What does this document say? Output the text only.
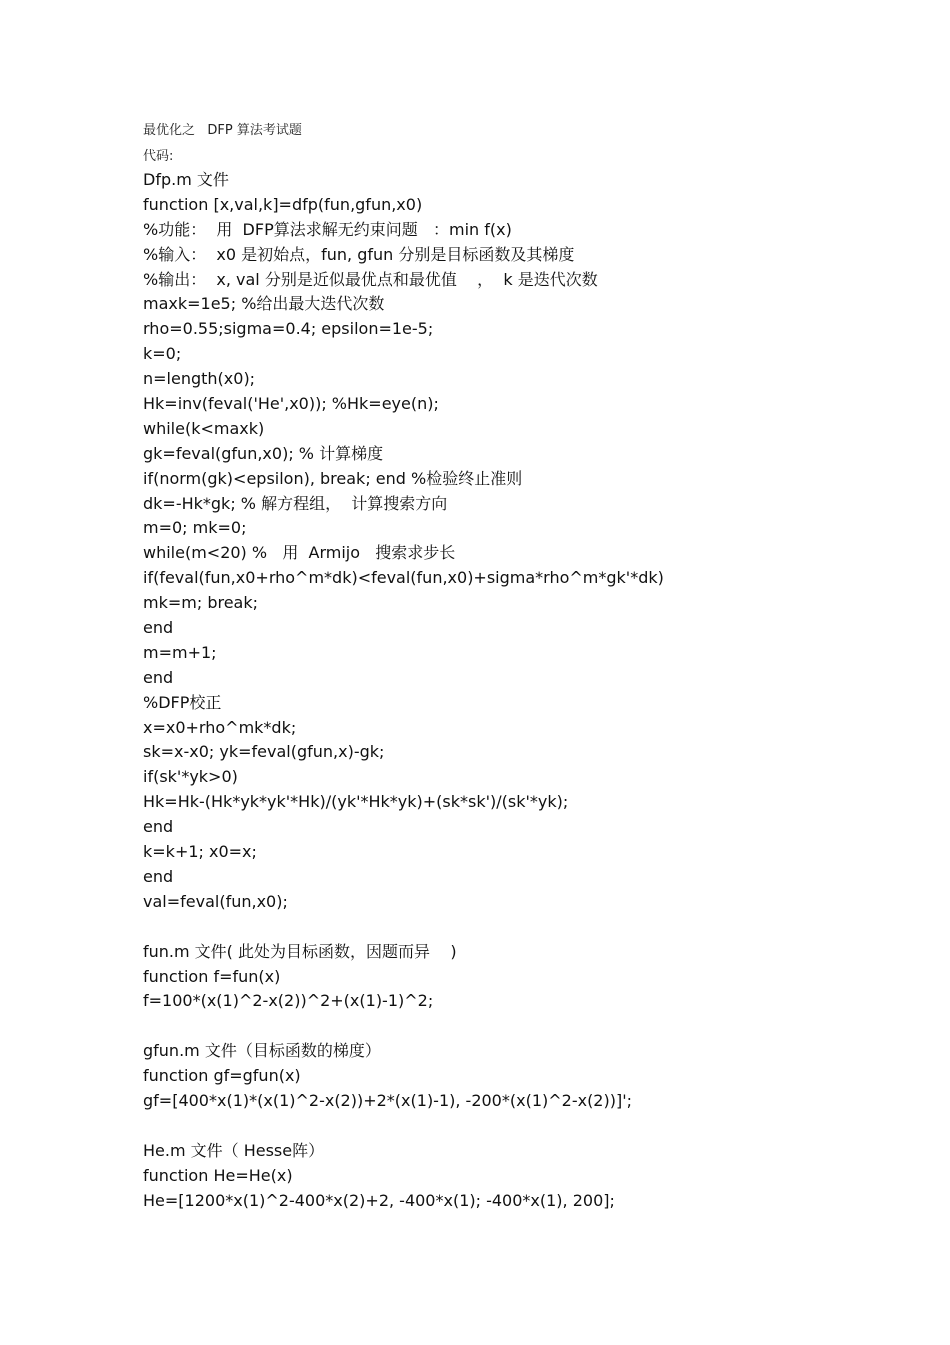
最优化之   DFP 算法考试题
代码:
Dfp.m 文件
function [x,val,k]=dfp(fun,gfun,x0)
%功能：  用  DFP算法求解无约束问题   ：min f(x)
%输入：  x0 是初始点，fun, gfun 分别是目标函数及其梯度
%输出：  x, val 分别是近似最优点和最优值    ，  k 是迭代次数
maxk=1e5; %给出最大迭代次数
rho=0.55;sigma=0.4; epsilon=1e-5;
k=0;
n=length(x0);
Hk=inv(feval('He',x0)); %Hk=eye(n);
while(k<maxk)
gk=feval(gfun,x0); % 计算梯度
if(norm(gk)<epsilon), break; end %检验终止准则
dk=-Hk*gk; % 解方程组，  计算搜索方向
m=0; mk=0;
while(m<20) %   用  Armijo   搜索求步长
if(feval(fun,x0+rho^m*dk)<feval(fun,x0)+sigma*rho^m*gk'*dk)
mk=m; break;
end
m=m+1;
end
%DFP校正
x=x0+rho^mk*dk;
sk=x-x0; yk=feval(gfun,x)-gk;
if(sk'*yk>0)
Hk=Hk-(Hk*yk*yk'*Hk)/(yk'*Hk*yk)+(sk*sk')/(sk'*yk);
end
k=k+1; x0=x;
end
val=feval(fun,x0);
fun.m 文件( 此处为目标函数，因题而异    )
function f=fun(x)
f=100*(x(1)^2-x(2))^2+(x(1)-1)^2;
gfun.m 文件（目标函数的梯度）
function gf=gfun(x)
gf=[400*x(1)*(x(1)^2-x(2))+2*(x(1)-1), -200*(x(1)^2-x(2))]';
He.m 文件（ Hesse阵）
function He=He(x)
He=[1200*x(1)^2-400*x(2)+2, -400*x(1); -400*x(1), 200];
